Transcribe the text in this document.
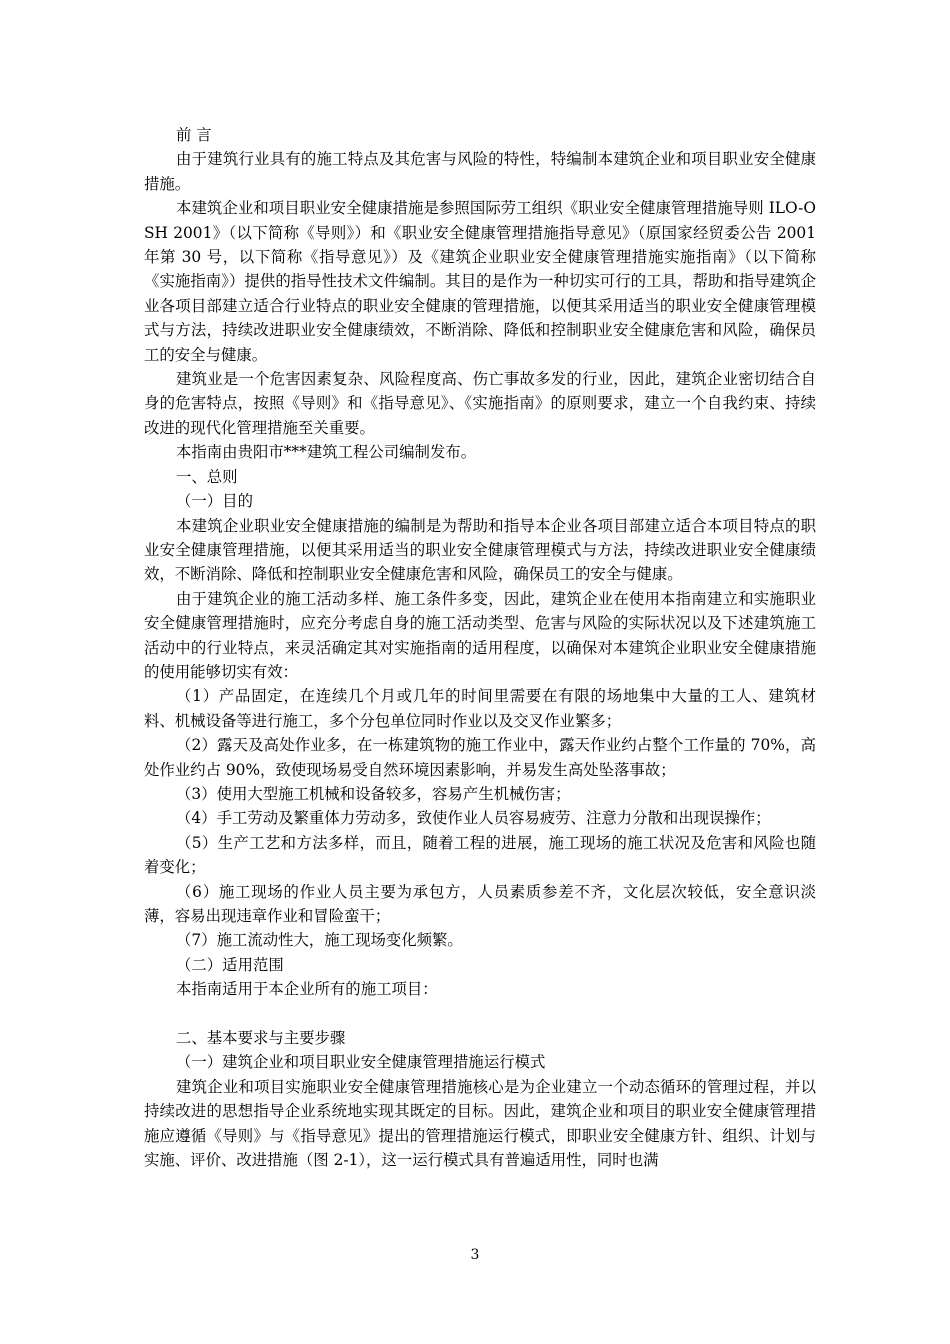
前 言

由于建筑行业具有的施工特点及其危害与风险的特性，特编制本建筑企业和项目职业安全健康措施。

本建筑企业和项目职业安全健康措施是参照国际劳工组织《职业安全健康管理措施导则 ILO-OSH 2001》（以下简称《导则》）和《职业安全健康管理措施指导意见》（原国家经贸委公告 2001 年第 30 号，以下简称《指导意见》）及《建筑企业职业安全健康管理措施实施指南》（以下简称《实施指南》）提供的指导性技术文件编制。其目的是作为一种切实可行的工具，帮助和指导建筑企业各项目部建立适合行业特点的职业安全健康的管理措施，以便其采用适当的职业安全健康管理模式与方法，持续改进职业安全健康绩效，不断消除、降低和控制职业安全健康危害和风险，确保员工的安全与健康。

建筑业是一个危害因素复杂、风险程度高、伤亡事故多发的行业，因此，建筑企业密切结合自身的危害特点，按照《导则》和《指导意见》、《实施指南》的原则要求，建立一个自我约束、持续改进的现代化管理措施至关重要。

本指南由贵阳市***建筑工程公司编制发布。

一、总则

（一）目的

本建筑企业职业安全健康措施的编制是为帮助和指导本企业各项目部建立适合本项目特点的职业安全健康管理措施，以便其采用适当的职业安全健康管理模式与方法，持续改进职业安全健康绩效，不断消除、降低和控制职业安全健康危害和风险，确保员工的安全与健康。

由于建筑企业的施工活动多样、施工条件多变，因此，建筑企业在使用本指南建立和实施职业安全健康管理措施时，应充分考虑自身的施工活动类型、危害与风险的实际状况以及下述建筑施工活动中的行业特点，来灵活确定其对实施指南的适用程度，以确保对本建筑企业职业安全健康措施的使用能够切实有效：

（1）产品固定，在连续几个月或几年的时间里需要在有限的场地集中大量的工人、建筑材料、机械设备等进行施工，多个分包单位同时作业以及交叉作业繁多；

（2）露天及高处作业多，在一栋建筑物的施工作业中，露天作业约占整个工作量的 70%，高处作业约占 90%，致使现场易受自然环境因素影响，并易发生高处坠落事故；

（3）使用大型施工机械和设备较多，容易产生机械伤害；

（4）手工劳动及繁重体力劳动多，致使作业人员容易疲劳、注意力分散和出现误操作；

（5）生产工艺和方法多样，而且，随着工程的进展，施工现场的施工状况及危害和风险也随着变化；

（6）施工现场的作业人员主要为承包方，人员素质参差不齐，文化层次较低，安全意识淡薄，容易出现违章作业和冒险蛮干；

（7）施工流动性大，施工现场变化频繁。

（二）适用范围

本指南适用于本企业所有的施工项目：

二、基本要求与主要步骤

（一）建筑企业和项目职业安全健康管理措施运行模式

建筑企业和项目实施职业安全健康管理措施核心是为企业建立一个动态循环的管理过程，并以持续改进的思想指导企业系统地实现其既定的目标。因此，建筑企业和项目的职业安全健康管理措施应遵循《导则》与《指导意见》提出的管理措施运行模式，即职业安全健康方针、组织、计划与实施、评价、改进措施（图 2-1），这一运行模式具有普遍适用性，同时也满

3
